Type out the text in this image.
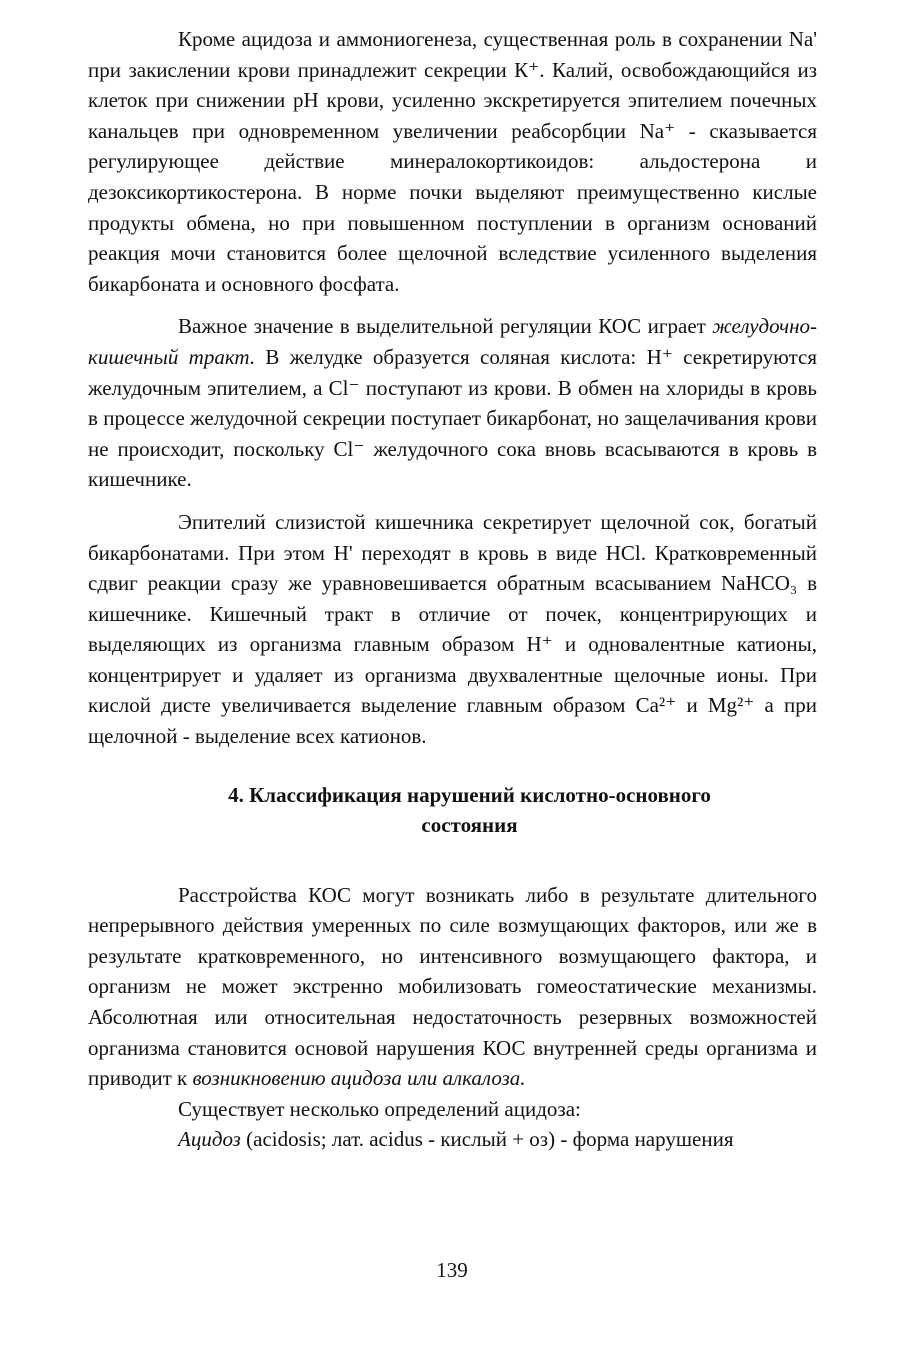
Кроме ацидоза и аммониогенеза, существенная роль в сохранении Na' при закислении крови принадлежит секреции К⁺. Калий, освобождающийся из клеток при снижении pH крови, усиленно экскретируется эпителием почечных канальцев при одновременном увеличении реабсорбции Na⁺ - сказывается регулирующее действие минералокортикоидов: альдостерона и дезоксикортикостерона. В норме почки выделяют преимущественно кислые продукты обмена, но при повышенном поступлении в организм оснований реакция мочи становится более щелочной вследствие усиленного выделения бикарбоната и основного фосфата.

Важное значение в выделительной регуляции КОС играет желудочно-кишечный тракт. В желудке образуется соляная кислота: Н⁺ секретируются желудочным эпителием, а Cl⁻ поступают из крови. В обмен на хлориды в кровь в процессе желудочной секреции поступает бикарбонат, но защелачивания крови не происходит, поскольку Cl⁻ желудочного сока вновь всасываются в кровь в кишечнике.

Эпителий слизистой кишечника секретирует щелочной сок, богатый бикарбонатами. При этом Н' переходят в кровь в виде HCl. Кратковременный сдвиг реакции сразу же уравновешивается обратным всасыванием NaHCO₃ в кишечнике. Кишечный тракт в отличие от почек, концентрирующих и выделяющих из организма главным образом Н⁺ и одновалентные катионы, концентрирует и удаляет из организма двухвалентные щелочные ионы. При кислой дисте увеличивается выделение главным образом Ca²⁺ и Mg²⁺ а при щелочной - выделение всех катионов.

4. Классификация нарушений кислотно-основного
состояния

Расстройства КОС могут возникать либо в результате длительного непрерывного действия умеренных по силе возмущающих факторов, или же в результате кратковременного, но интенсивного возмущающего фактора, и организм не может экстренно мобилизовать гомеостатические механизмы. Абсолютная или относительная недостаточность резервных возможностей организма становится основой нарушения КОС внутренней среды организма и приводит к возникновению ацидоза или алкалоза.

Существует несколько определений ацидоза:

Ацидоз (acidosis; лат. acidus - кислый + оз) - форма нарушения

139
